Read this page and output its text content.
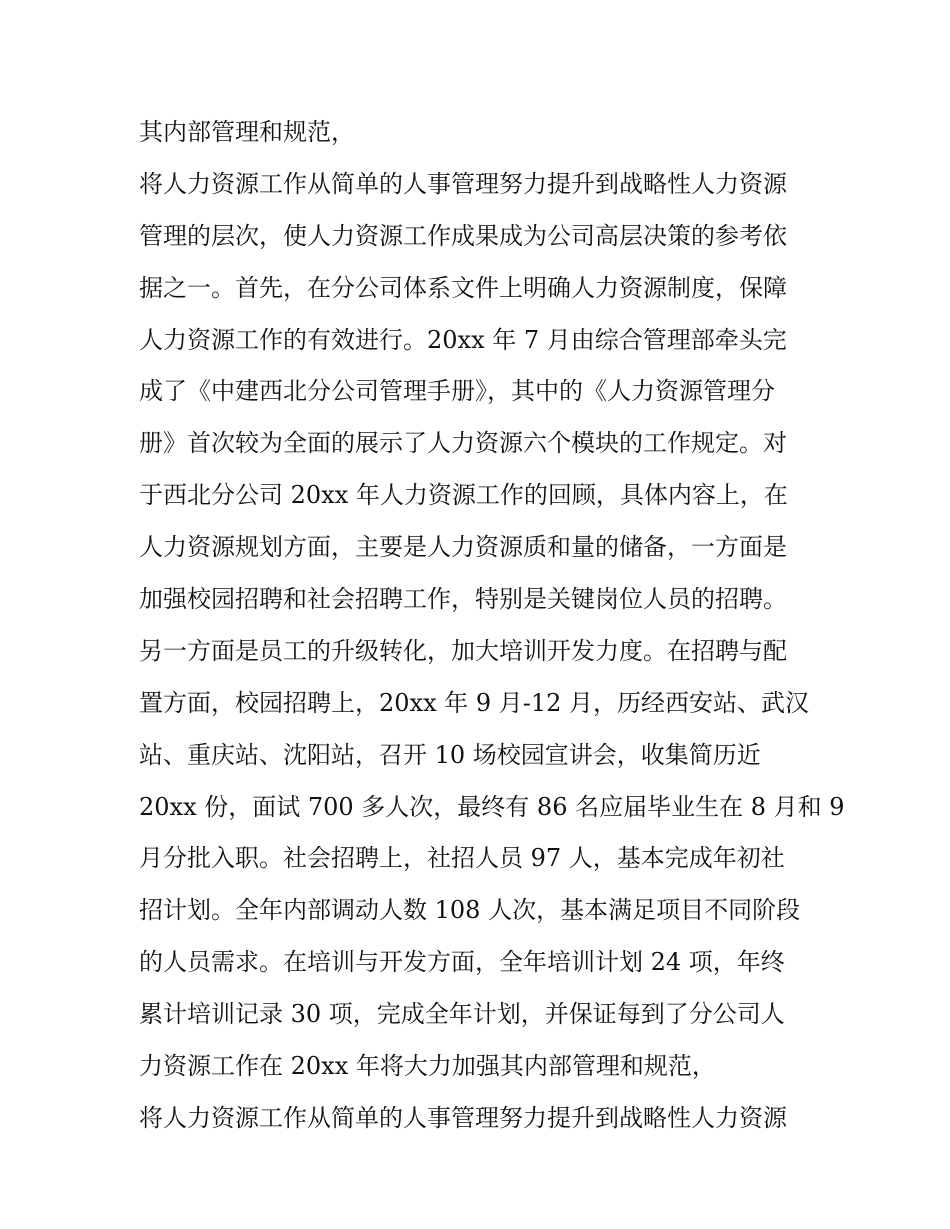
其内部管理和规范，
将人力资源工作从简单的人事管理努力提升到战略性人力资源
管理的层次，使人力资源工作成果成为公司高层决策的参考依
据之一。首先，在分公司体系文件上明确人力资源制度，保障
人力资源工作的有效进行。20xx 年 7 月由综合管理部牵头完
成了《中建西北分公司管理手册》，其中的《人力资源管理分
册》首次较为全面的展示了人力资源六个模块的工作规定。对
于西北分公司 20xx 年人力资源工作的回顾，具体内容上，在
人力资源规划方面，主要是人力资源质和量的储备，一方面是
加强校园招聘和社会招聘工作，特别是关键岗位人员的招聘。
另一方面是员工的升级转化，加大培训开发力度。在招聘与配
置方面，校园招聘上，20xx 年 9 月-12 月，历经西安站、武汉
站、重庆站、沈阳站，召开 10 场校园宣讲会，收集简历近
20xx 份，面试 700 多人次，最终有 86 名应届毕业生在 8 月和 9
月分批入职。社会招聘上，社招人员 97 人，基本完成年初社
招计划。全年内部调动人数 108 人次，基本满足项目不同阶段
的人员需求。在培训与开发方面，全年培训计划 24 项，年终
累计培训记录 30 项，完成全年计划，并保证每到了分公司人
力资源工作在 20xx 年将大力加强其内部管理和规范，
将人力资源工作从简单的人事管理努力提升到战略性人力资源
